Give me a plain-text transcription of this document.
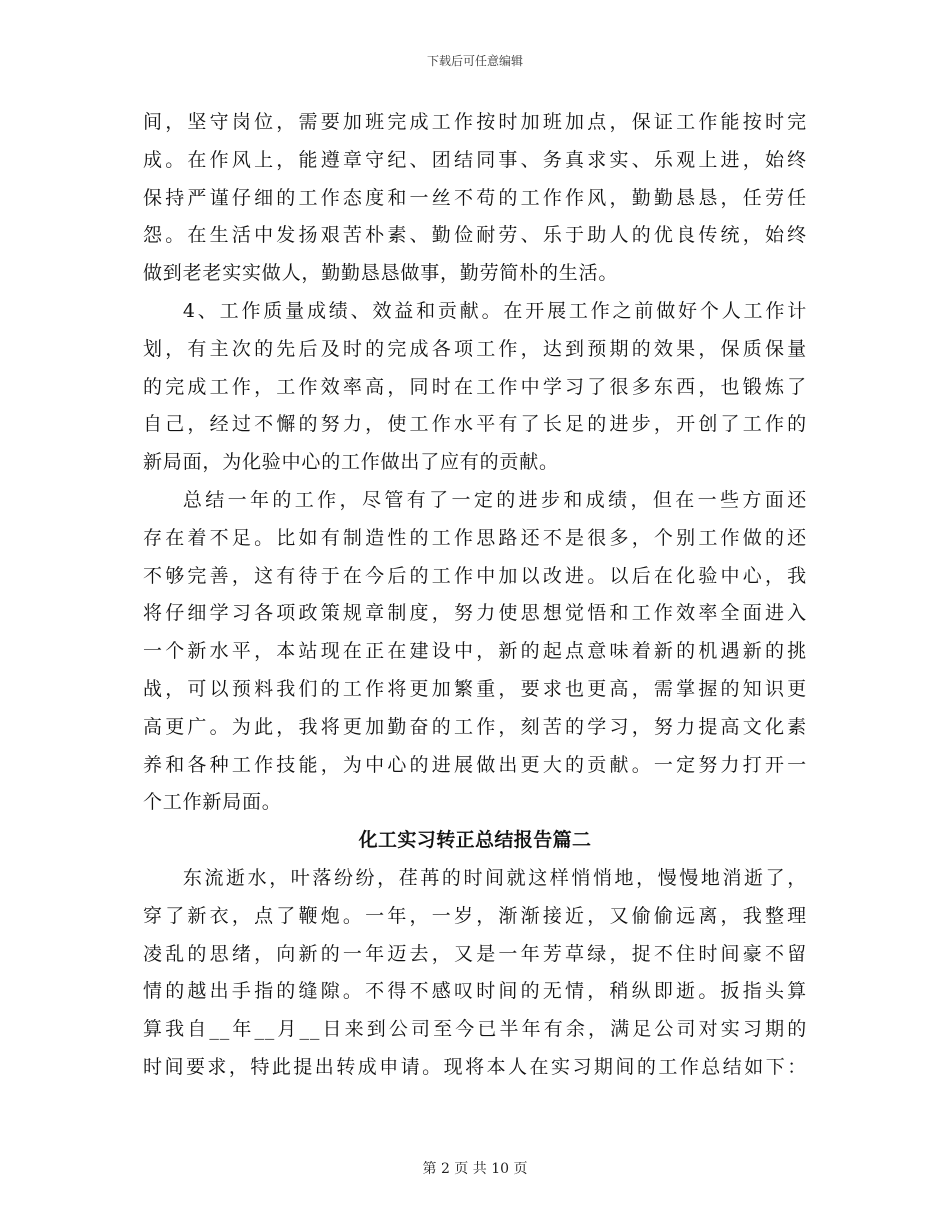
下载后可任意编辑

间，坚守岗位，需要加班完成工作按时加班加点，保证工作能按时完

成。在作风上，能遵章守纪、团结同事、务真求实、乐观上进，始终

保持严谨仔细的工作态度和一丝不苟的工作作风，勤勤恳恳，任劳任

怨。在生活中发扬艰苦朴素、勤俭耐劳、乐于助人的优良传统，始终

做到老老实实做人，勤勤恳恳做事，勤劳简朴的生活。

4、工作质量成绩、效益和贡献。在开展工作之前做好个人工作计

划，有主次的先后及时的完成各项工作，达到预期的效果，保质保量

的完成工作，工作效率高，同时在工作中学习了很多东西，也锻炼了

自己，经过不懈的努力，使工作水平有了长足的进步，开创了工作的

新局面，为化验中心的工作做出了应有的贡献。

总结一年的工作，尽管有了一定的进步和成绩，但在一些方面还

存在着不足。比如有制造性的工作思路还不是很多，个别工作做的还

不够完善，这有待于在今后的工作中加以改进。以后在化验中心，我

将仔细学习各项政策规章制度，努力使思想觉悟和工作效率全面进入

一个新水平，本站现在正在建设中，新的起点意味着新的机遇新的挑

战，可以预料我们的工作将更加繁重，要求也更高，需掌握的知识更

高更广。为此，我将更加勤奋的工作，刻苦的学习，努力提高文化素

养和各种工作技能，为中心的进展做出更大的贡献。一定努力打开一

个工作新局面。

化工实习转正总结报告篇二

东流逝水，叶落纷纷，荏苒的时间就这样悄悄地，慢慢地消逝了，

穿了新衣，点了鞭炮。一年，一岁，渐渐接近，又偷偷远离，我整理

凌乱的思绪，向新的一年迈去，又是一年芳草绿，捉不住时间豪不留

情的越出手指的缝隙。不得不感叹时间的无情，稍纵即逝。扳指头算

算我自__年__月__日来到公司至今已半年有余，满足公司对实习期的

时间要求，特此提出转成申请。现将本人在实习期间的工作总结如下：

第 2 页 共 10 页
